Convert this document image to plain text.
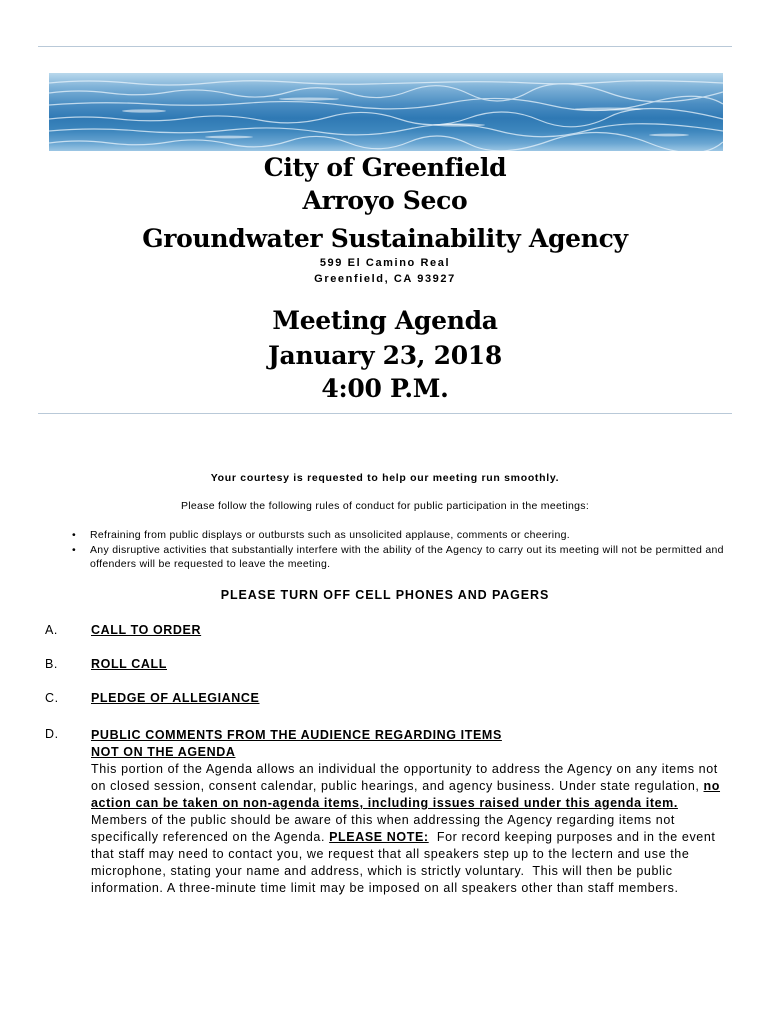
City of Greenfield
Arroyo Seco
Groundwater Sustainability Agency
599 El Camino Real
Greenfield, CA 93927
Meeting Agenda
January 23, 2018
4:00 P.M.
Your courtesy is requested to help our meeting run smoothly.
Please follow the following rules of conduct for public participation in the meetings:
• Refraining from public displays or outbursts such as unsolicited applause, comments or cheering.
• Any disruptive activities that substantially interfere with the ability of the Agency to carry out its meeting will not be permitted and offenders will be requested to leave the meeting.
PLEASE TURN OFF CELL PHONES AND PAGERS
A.	CALL TO ORDER
B.	ROLL CALL
C.	PLEDGE OF ALLEGIANCE
D.	PUBLIC COMMENTS FROM THE AUDIENCE REGARDING ITEMS
NOT ON THE AGENDA
This portion of the Agenda allows an individual the opportunity to address the Agency on any items not on closed session, consent calendar, public hearings, and agency business. Under state regulation, no action can be taken on non-agenda items, including issues raised under this agenda item. Members of the public should be aware of this when addressing the Agency regarding items not specifically referenced on the Agenda. PLEASE NOTE:  For record keeping purposes and in the event that staff may need to contact you, we request that all speakers step up to the lectern and use the microphone, stating your name and address, which is strictly voluntary.  This will then be public information. A three-minute time limit may be imposed on all speakers other than staff members.
